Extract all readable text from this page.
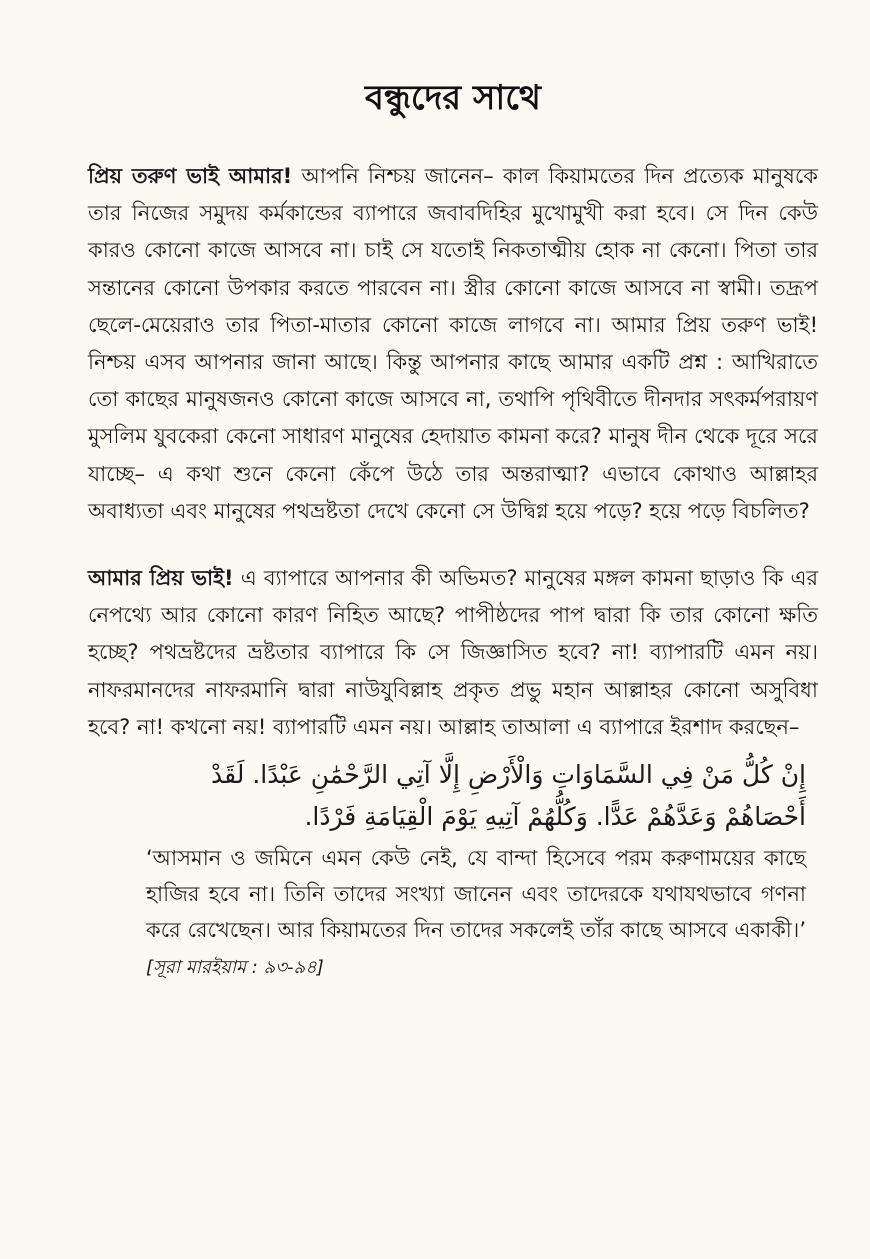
বন্ধুদের সাথে

প্রিয় তরুণ ভাই আমার! আপনি নিশ্চয় জানেন– কাল কিয়ামতের দিন প্রত্যেক মানুষকে তার নিজের সমুদয় কর্মকান্ডের ব্যাপারে জবাবদিহির মুখোমুখী করা হবে। সে দিন কেউ কারও কোনো কাজে আসবে না। চাই সে যতোই নিকতাত্মীয় হোক না কেনো। পিতা তার সন্তানের কোনো উপকার করতে পারবেন না। স্ত্রীর কোনো কাজে আসবে না স্বামী। তদ্রূপ ছেলে-মেয়েরাও তার পিতা-মাতার কোনো কাজে লাগবে না। আমার প্রিয় তরুণ ভাই! নিশ্চয় এসব আপনার জানা আছে। কিন্তু আপনার কাছে আমার একটি প্রশ্ন : আখিরাতে তো কাছের মানুষজনও কোনো কাজে আসবে না, তথাপি পৃথিবীতে দীনদার সৎকর্মপরায়ণ মুসলিম যুবকেরা কেনো সাধারণ মানুষের হেদায়াত কামনা করে? মানুষ দীন থেকে দূরে সরে যাচ্ছে– এ কথা শুনে কেনো কেঁপে উঠে তার অন্তরাত্মা? এভাবে কোথাও আল্লাহর অবাধ্যতা এবং মানুষের পথভ্রষ্টতা দেখে কেনো সে উদ্বিগ্ন হয়ে পড়ে? হয়ে পড়ে বিচলিত?

আমার প্রিয় ভাই! এ ব্যাপারে আপনার কী অভিমত? মানুষের মঙ্গল কামনা ছাড়াও কি এর নেপথ্যে আর কোনো কারণ নিহিত আছে? পাপীষ্ঠদের পাপ দ্বারা কি তার কোনো ক্ষতি হচ্ছে? পথভ্রষ্টদের ভ্রষ্টতার ব্যাপারে কি সে জিজ্ঞাসিত হবে? না! ব্যাপারটি এমন নয়। নাফরমানদের নাফরমানি দ্বারা নাউযুবিল্লাহ প্রকৃত প্রভু মহান আল্লাহর কোনো অসুবিধা হবে? না! কখনো নয়! ব্যাপারটি এমন নয়। আল্লাহ তাআলা এ ব্যাপারে ইরশাদ করছেন–

إِنْ كُلُّ مَنْ فِي السَّمَاوَاتِ وَالْأَرْضِ إِلَّا آتِي الرَّحْمَٰنِ عَبْدًا. لَقَدْ

أَحْصَاهُمْ وَعَدَّهُمْ عَدًّا. وَكُلُّهُمْ آتِيهِ يَوْمَ الْقِيَامَةِ فَرْدًا.

‘আসমান ও জমিনে এমন কেউ নেই, যে বান্দা হিসেবে পরম করুণাময়ের কাছে হাজির হবে না। তিনি তাদের সংখ্যা জানেন এবং তাদেরকে যথাযথভাবে গণনা করে রেখেছেন। আর কিয়ামতের দিন তাদের সকলেই তাঁর কাছে আসবে একাকী।’ [সূরা মারইয়াম : ৯৩-৯৪]
